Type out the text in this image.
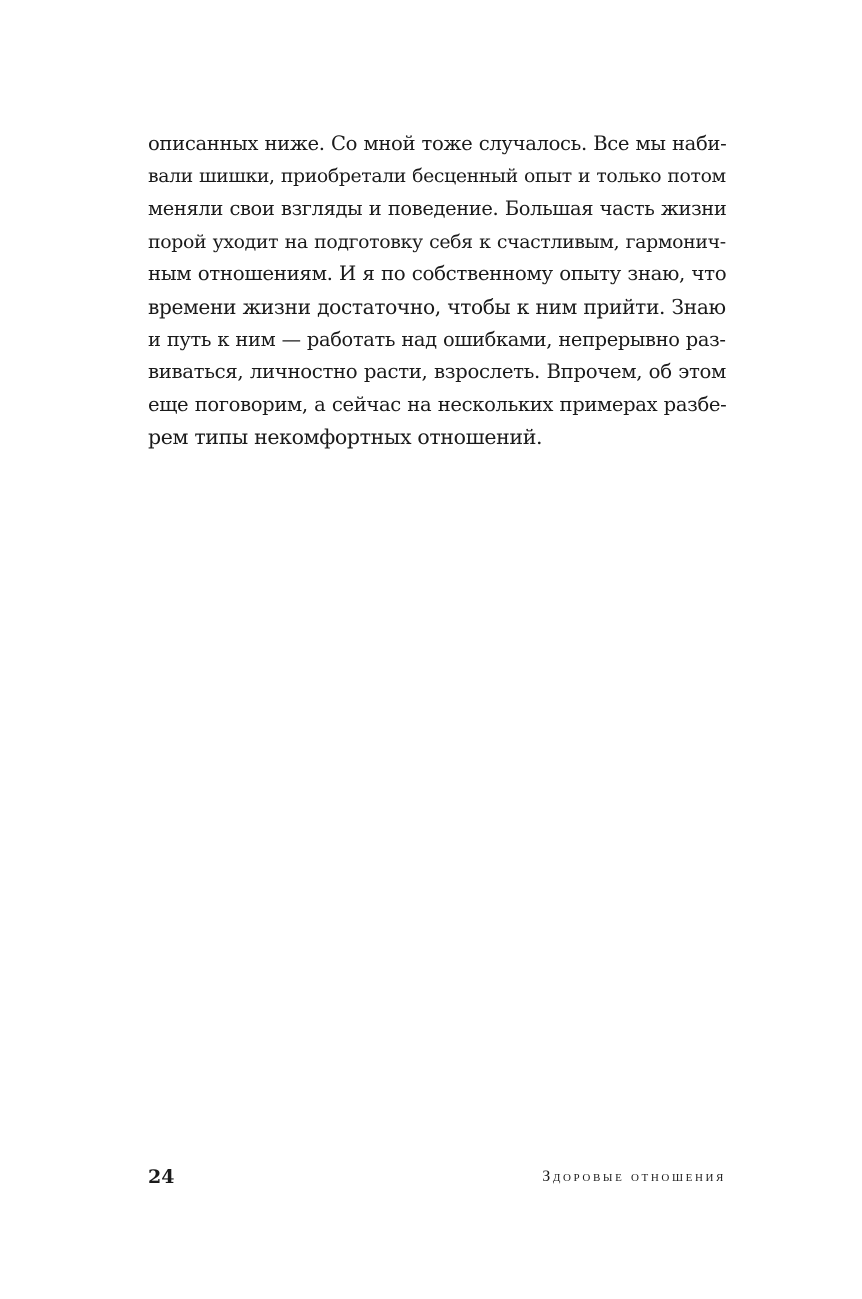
описанных ниже. Со мной тоже случалось. Все мы наби-
вали шишки, приобретали бесценный опыт и только потом
меняли свои взгляды и поведение. Большая часть жизни
порой уходит на подготовку себя к счастливым, гармонич-
ным отношениям. И я по собственному опыту знаю, что
времени жизни достаточно, чтобы к ним прийти. Знаю
и путь к ним — работать над ошибками, непрерывно раз-
виваться, личностно расти, взрослеть. Впрочем, об этом
еще поговорим, а сейчас на нескольких примерах разбе-
рем типы некомфортных отношений.
24	Здоровые отношения
